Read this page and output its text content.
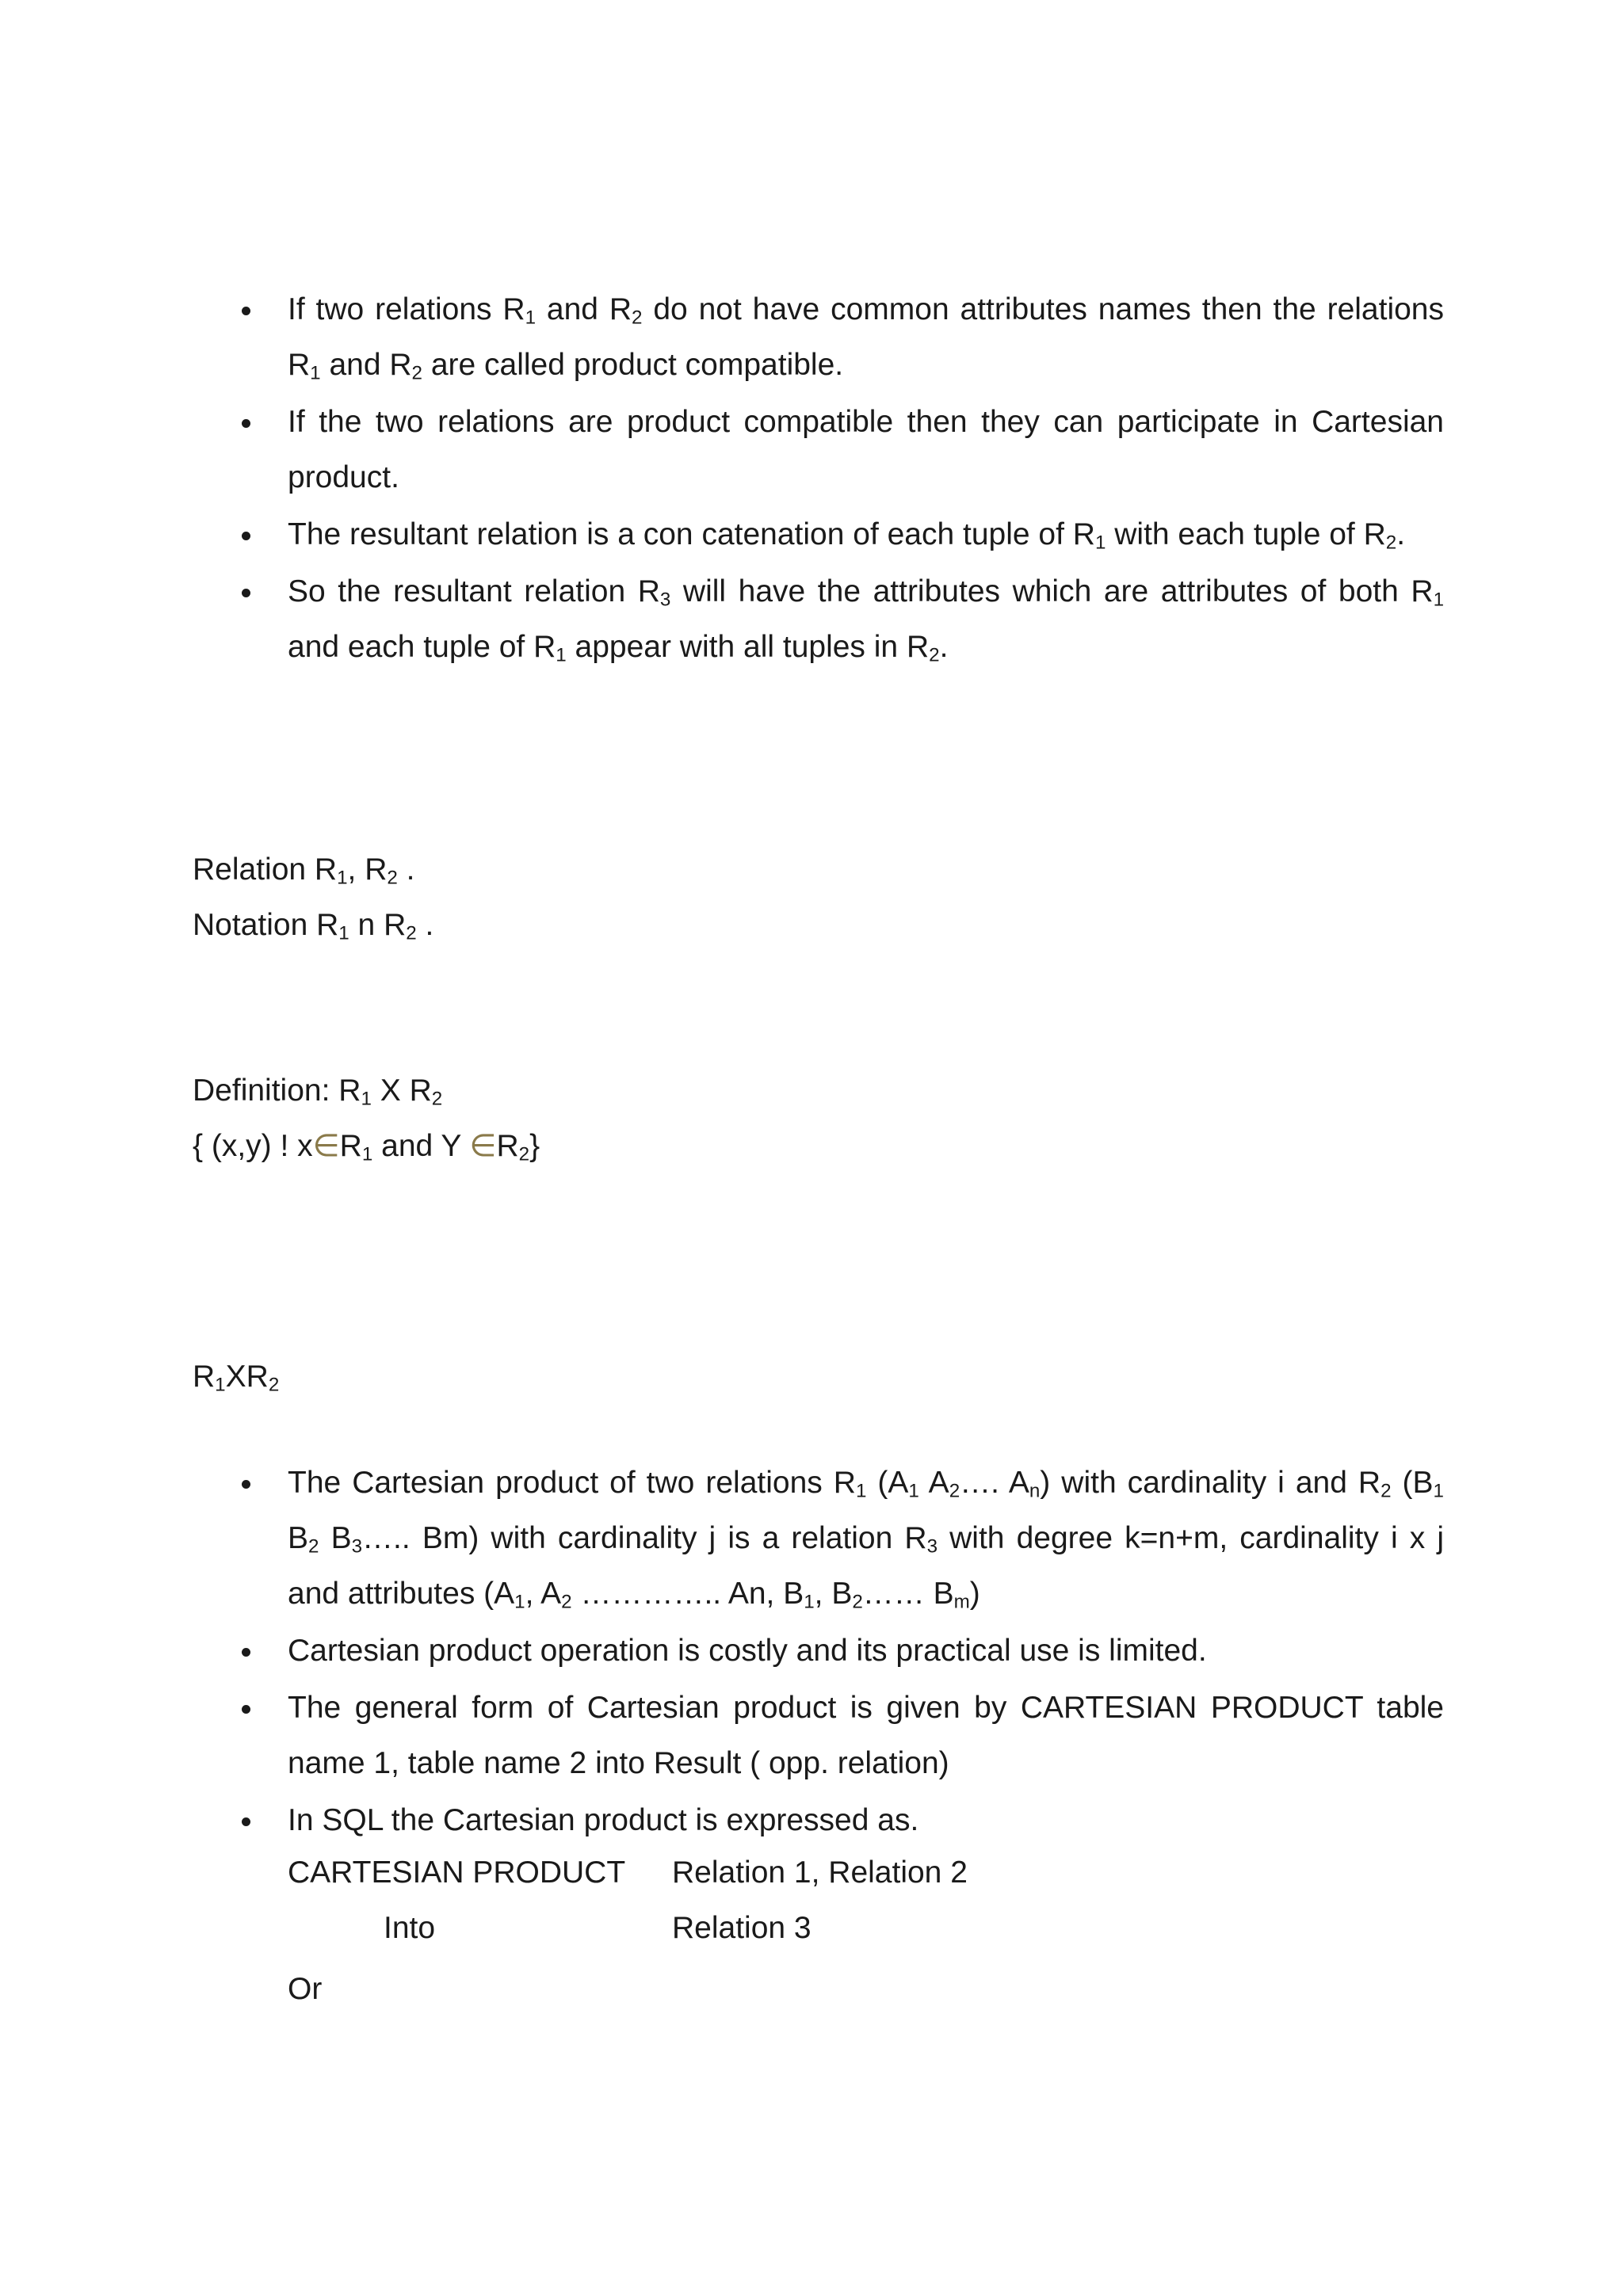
If two relations $R_1$ and $R_2$ do not have common attributes names then the relations $R_1$ and $R_2$ are called product compatible.
If the two relations are product compatible then they can participate in Cartesian product.
The resultant relation is a con catenation of each tuple of $R_1$ with each tuple of $R_2$.
So the resultant relation $R_3$ will have the attributes which are attributes of both $R_1$ and each tuple of $R_1$ appear with all tuples in $R_2$.
Relation $R_1$, $R_2$ .
Notation $R_1$ n $R_2$ .
Definition: $R_1$ X $R_2$
{ (x,y) ! $x\in R_1$ and Y $\in R_2$}
$R_1XR_2$
The Cartesian product of two relations $R_1$ ($A_1$ $A_2\dots$. $A_n$) with cardinality i and $R_2$ ($B_1$ $B_2$ $B_3\dots$.. Bm) with cardinality j is a relation $R_3$ with degree k=n+m, cardinality i x j and attributes ($A_1$, $A_2$ ………….. An, $B_1$, $B_2\dots\dots$ $B_m$)
Cartesian product operation is costly and its practical use is limited.
The general form of Cartesian product is given by CARTESIAN PRODUCT table name 1, table name 2 into Result ( opp. relation)
In SQL the Cartesian product is expressed as.
CARTESIAN PRODUCT Relation 1, Relation 2
Into	Relation 3
Or
